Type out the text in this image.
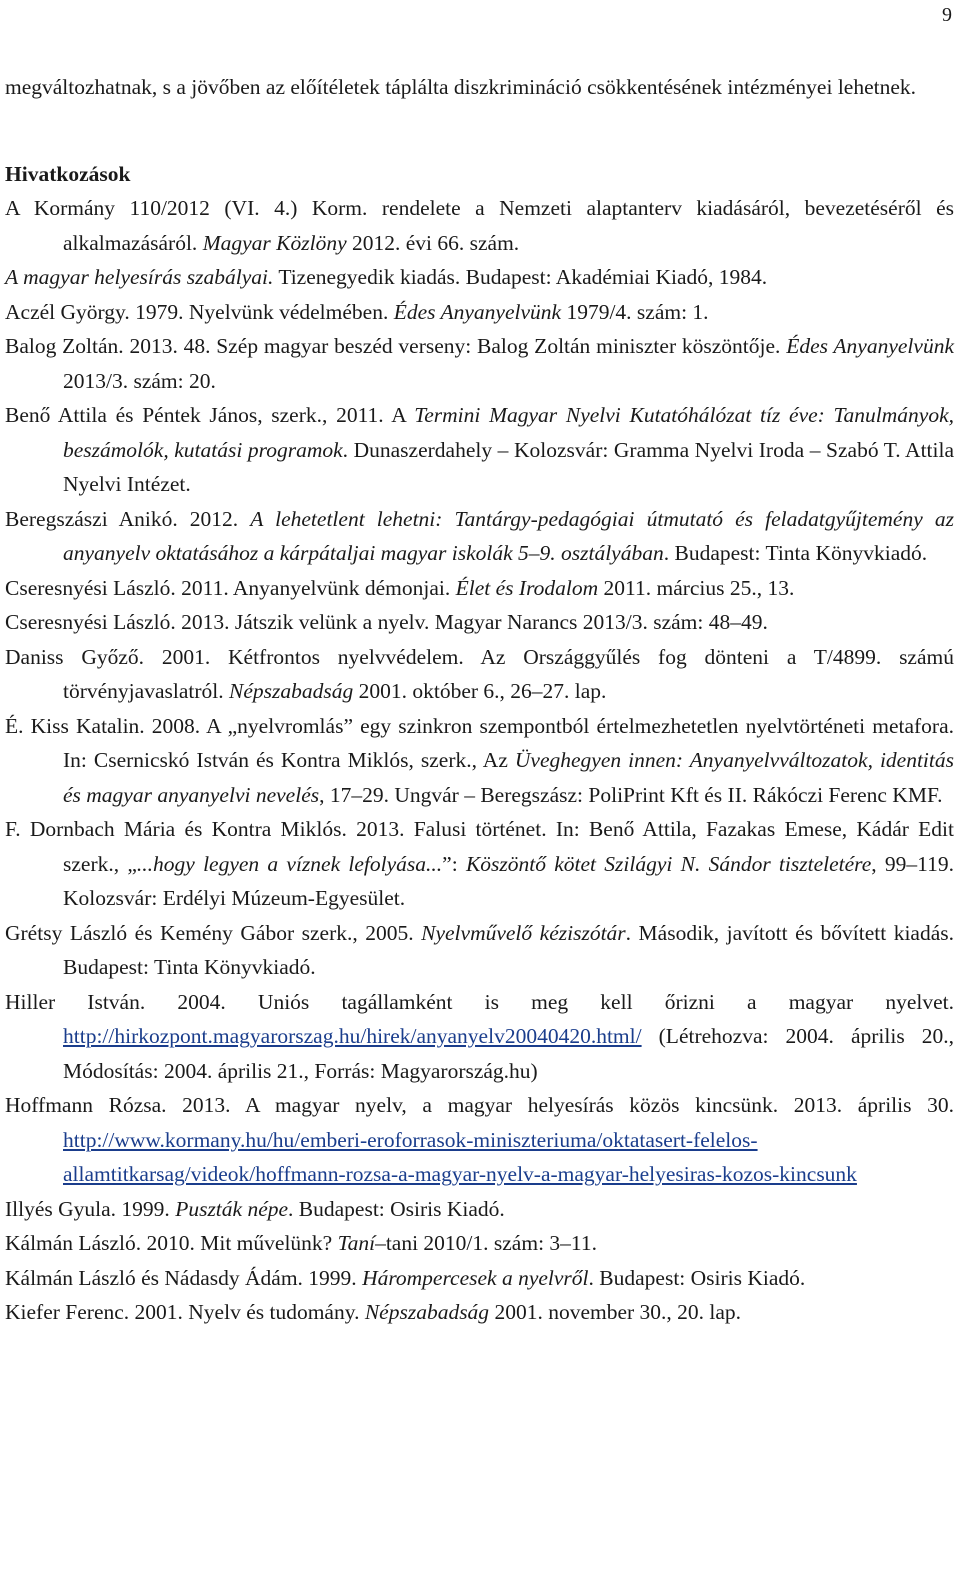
9

megváltozhatnak, s a jövőben az előítéletek táplálta diszkrimináció csökkentésének intézményei lehetnek.

Hivatkozások

A Kormány 110/2012 (VI. 4.) Korm. rendelete a Nemzeti alaptanterv kiadásáról, bevezetéséről és alkalmazásáról. Magyar Közlöny 2012. évi 66. szám.

A magyar helyesírás szabályai. Tizenegyedik kiadás. Budapest: Akadémiai Kiadó, 1984.

Aczél György. 1979. Nyelvünk védelmében. Édes Anyanyelvünk 1979/4. szám: 1.

Balog Zoltán. 2013. 48. Szép magyar beszéd verseny: Balog Zoltán miniszter köszöntője. Édes Anyanyelvünk 2013/3. szám: 20.

Benő Attila és Péntek János, szerk., 2011. A Termini Magyar Nyelvi Kutatóhálózat tíz éve: Tanulmányok, beszámolók, kutatási programok. Dunaszerdahely – Kolozsvár: Gramma Nyelvi Iroda – Szabó T. Attila Nyelvi Intézet.

Beregszászi Anikó. 2012. A lehetetlent lehetni: Tantárgy-pedagógiai útmutató és feladatgyűjtemény az anyanyelv oktatásához a kárpátaljai magyar iskolák 5–9. osztályában. Budapest: Tinta Könyvkiadó.

Cseresnyési László. 2011. Anyanyelvünk démonjai. Élet és Irodalom 2011. március 25., 13.

Cseresnyési László. 2013. Játszik velünk a nyelv. Magyar Narancs 2013/3. szám: 48–49.

Daniss Győző. 2001. Kétfrontos nyelvvédelem. Az Országgyűlés fog dönteni a T/4899. számú törvényjavaslatról. Népszabadság 2001. október 6., 26–27. lap.

É. Kiss Katalin. 2008. A „nyelvromlás” egy szinkron szempontból értelmezhetetlen nyelvtörténeti metafora. In: Csernicskó István és Kontra Miklós, szerk., Az Üveghegyen innen: Anyanyelvváltozatok, identitás és magyar anyanyelvi nevelés, 17–29. Ungvár – Beregszász: PoliPrint Kft és II. Rákóczi Ferenc KMF.

F. Dornbach Mária és Kontra Miklós. 2013. Falusi történet. In: Benő Attila, Fazakas Emese, Kádár Edit szerk., „...hogy legyen a víznek lefolyása...”: Köszöntő kötet Szilágyi N. Sándor tiszteletére, 99–119. Kolozsvár: Erdélyi Múzeum-Egyesület.

Grétsy László és Kemény Gábor szerk., 2005. Nyelvművelő kéziszótár. Második, javított és bővített kiadás. Budapest: Tinta Könyvkiadó.

Hiller István. 2004. Uniós tagállamként is meg kell őrizni a magyar nyelvet. http://hirkozpont.magyarorszag.hu/hirek/anyanyelv20040420.html/ (Létrehozva: 2004. április 20., Módosítás: 2004. április 21., Forrás: Magyarország.hu)

Hoffmann Rózsa. 2013. A magyar nyelv, a magyar helyesírás közös kincsünk. 2013. április 30. http://www.kormany.hu/hu/emberi-eroforrasok-miniszteriuma/oktatasert-felelos-allamtitkarsag/videok/hoffmann-rozsa-a-magyar-nyelv-a-magyar-helyesiras-kozos-kincsunk

Illyés Gyula. 1999. Puszták népe. Budapest: Osiris Kiadó.

Kálmán László. 2010. Mit művelünk? Taní–tani 2010/1. szám: 3–11.

Kálmán László és Nádasdy Ádám. 1999. Hárompercesek a nyelvről. Budapest: Osiris Kiadó.

Kiefer Ferenc. 2001. Nyelv és tudomány. Népszabadság 2001. november 30., 20. lap.
